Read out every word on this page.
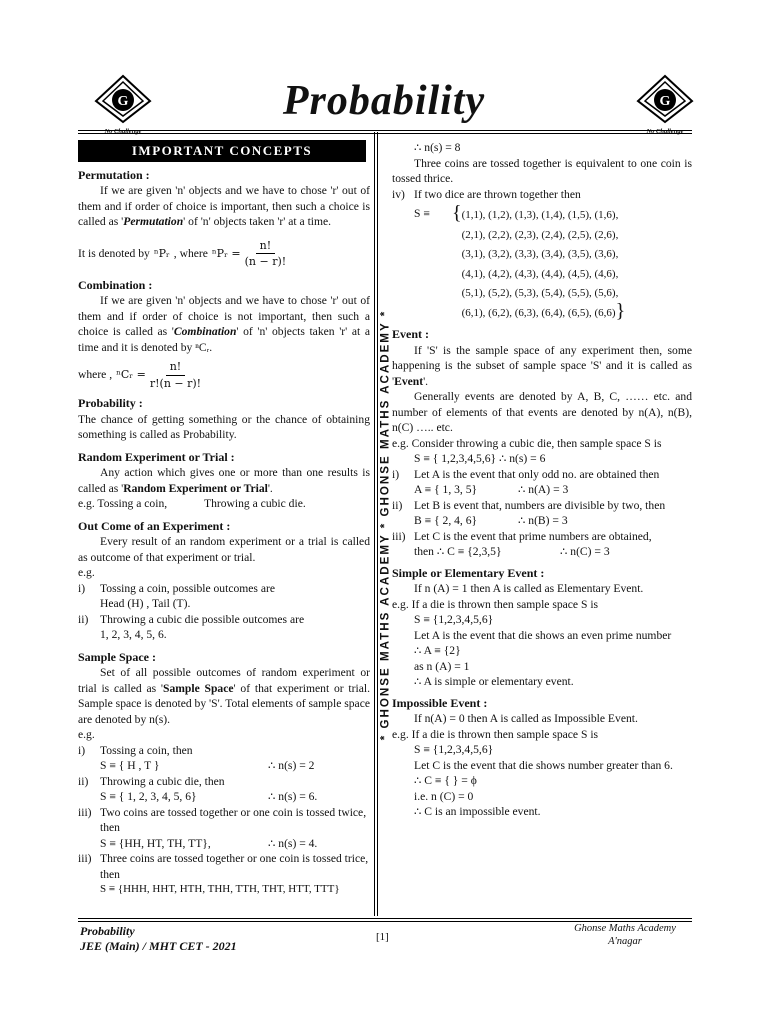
G
No Challenge
Probability	G
No Challenge
* GHONSE MATHS ACADEMY * GHONSE MATHS ACADEMY *
IMPORTANT CONCEPTS
Permutation :
If we are given 'n' objects and we have to chose 'r' out of them and if order of choice is important, then such a choice is called as 'Permutation' of 'n' objects taken 'r' at a time.
It is denoted by ⁿPᵣ , where ⁿPᵣ = $\frac{n!}{(n - r)!}$
Combination :
If we are given 'n' objects and we have to chose 'r' out of them and if order of choice is not important, then such a choice is called as 'Combination' of 'n' objects taken 'r' at a time and it is denoted by ⁿCᵣ.
where , ⁿCᵣ = $\frac{n!}{r!(n - r)!}$
Probability :
The chance of getting something or the chance of obtaining something is called as Probability.
Random Experiment or Trial :
Any action which gives one or more than one results is called as 'Random Experiment or Trial'.
e.g. Tossing a coin,	Throwing a cubic die.
Out Come of an Experiment :
Every result of an random experiment or a trial is called as outcome of that experiment or trial.
e.g.
i)	Tossing a coin, possible outcomes are
Head (H) , Tail (T).
ii)	Throwing a cubic die possible outcomes are
1, 2, 3, 4, 5, 6.
Sample Space :
Set of all possible outcomes of random experiment or trial is called as 'Sample Space' of that experiment or trial. Sample space is denoted by 'S'. Total elements of sample space are denoted by n(s).
e.g.
i)	Tossing a coin, then
S ≡ { H , T }	∴ n(s) = 2
ii)	Throwing a cubic die, then
S ≡ { 1, 2, 3, 4, 5, 6}	∴ n(s) = 6.
iii) Two coins are tossed together or one coin is tossed twice, then
S ≡ {HH, HT, TH, TT},	∴ n(s) = 4.
iii) Three coins are tossed together or one coin is tossed trice, then
S ≡ {HHH, HHT, HTH, THH, TTH, THT, HTT, TTT}
∴ n(s) = 8
Three coins are tossed together is equivalent to one coin is tossed thrice.
iv) If two dice are thrown together then
S ≡	{ (1,1), (1,2), (1,3), (1,4), (1,5), (1,6),
(2,1), (2,2), (2,3), (2,4), (2,5), (2,6),
(3,1), (3,2), (3,3), (3,4), (3,5), (3,6),
(4,1), (4,2), (4,3), (4,4), (4,5), (4,6),
(5,1), (5,2), (5,3), (5,4), (5,5), (5,6),
(6,1), (6,2), (6,3), (6,4), (6,5), (6,6) }
Event :
If 'S' is the sample space of any experiment then, some happening is the subset of sample space 'S' and it is called as 'Event'.
Generally events are denoted by A, B, C, …… etc. and number of elements of that events are denoted by n(A), n(B), n(C) ….. etc.
e.g. Consider throwing a cubic die, then sample space S is
S ≡ { 1,2,3,4,5,6} ∴ n(s) = 6
i)	Let A is the event that only odd no. are obtained then
A ≡ { 1, 3, 5}	∴ n(A) = 3
ii)	Let B is event that, numbers are divisible by two, then
B ≡ { 2, 4, 6}	∴ n(B) = 3
iii) Let C is the event that prime numbers are obtained,
then ∴ C ≡ {2,3,5}	∴ n(C) = 3
Simple or Elementary Event :
If n (A) = 1 then A is called as Elementary Event.
e.g. If a die is thrown then sample space S is
S ≡ {1,2,3,4,5,6}
Let A is the event that die shows an even prime number
∴ A ≡ {2}
as n (A) = 1
∴ A is simple or elementary event.
Impossible Event :
If n(A) = 0 then A is called as Impossible Event.
e.g. If a die is thrown then sample space S is
S ≡ {1,2,3,4,5,6}
Let C is the event that die shows number greater than 6.
∴ C ≡ { } = ϕ
i.e. n (C) = 0
∴ C is an impossible event.
Probability
JEE (Main) / MHT CET - 2021
[1]
Ghonse Maths Academy
A'nagar
